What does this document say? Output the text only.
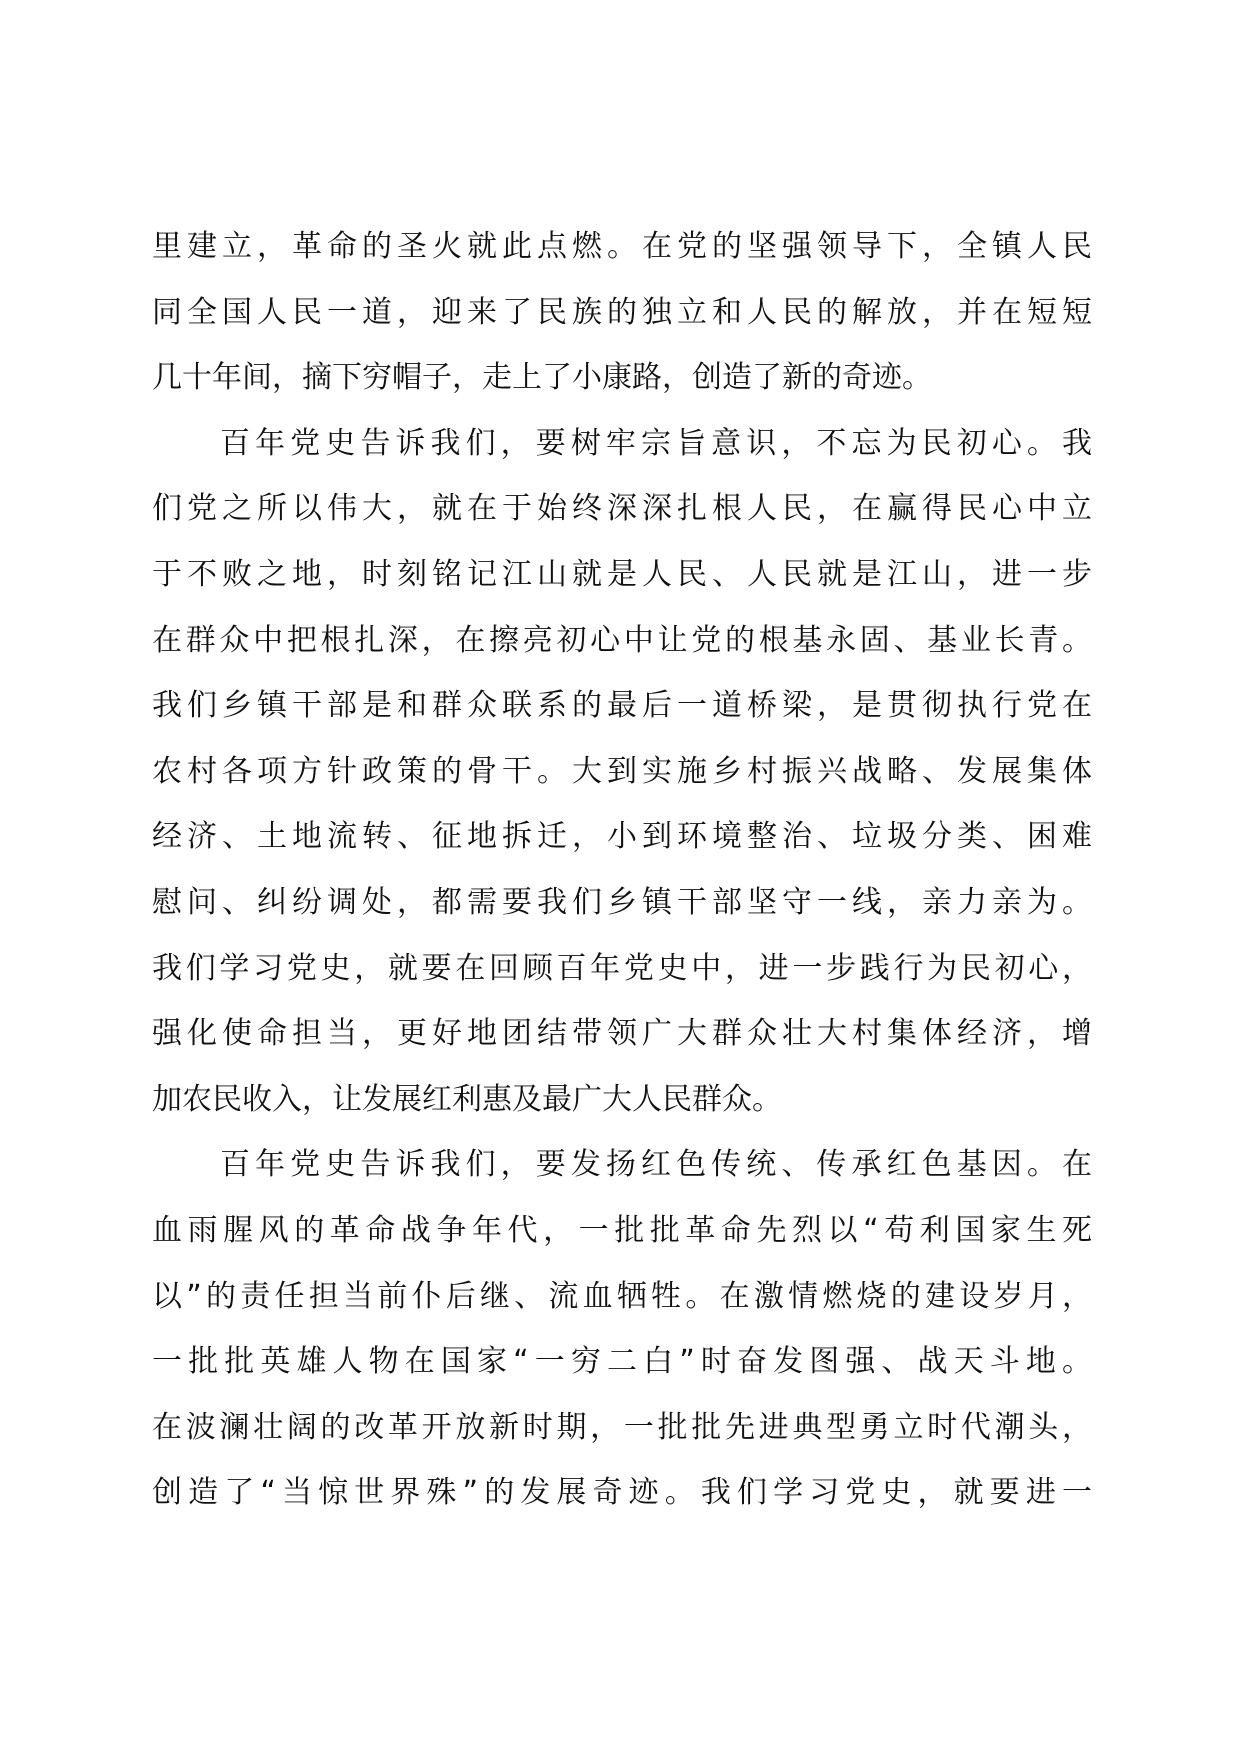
里建立，革命的圣火就此点燃。在党的坚强领导下，全镇人民
同全国人民一道，迎来了民族的独立和人民的解放，并在短短
几十年间，摘下穷帽子，走上了小康路，创造了新的奇迹。
百年党史告诉我们，要树牢宗旨意识，不忘为民初心。我
们党之所以伟大，就在于始终深深扎根人民，在赢得民心中立
于不败之地，时刻铭记江山就是人民、人民就是江山，进一步
在群众中把根扎深，在擦亮初心中让党的根基永固、基业长青。
我们乡镇干部是和群众联系的最后一道桥梁，是贯彻执行党在
农村各项方针政策的骨干。大到实施乡村振兴战略、发展集体
经济、土地流转、征地拆迁，小到环境整治、垃圾分类、困难
慰问、纠纷调处，都需要我们乡镇干部坚守一线，亲力亲为。
我们学习党史，就要在回顾百年党史中，进一步践行为民初心，
强化使命担当，更好地团结带领广大群众壮大村集体经济，增
加农民收入，让发展红利惠及最广大人民群众。
百年党史告诉我们，要发扬红色传统、传承红色基因。在
血雨腥风的革命战争年代，一批批革命先烈以“苟利国家生死
以”的责任担当前仆后继、流血牺牲。在激情燃烧的建设岁月，
一批批英雄人物在国家“一穷二白”时奋发图强、战天斗地。
在波澜壮阔的改革开放新时期，一批批先进典型勇立时代潮头，
创造了“当惊世界殊”的发展奇迹。我们学习党史，就要进一
